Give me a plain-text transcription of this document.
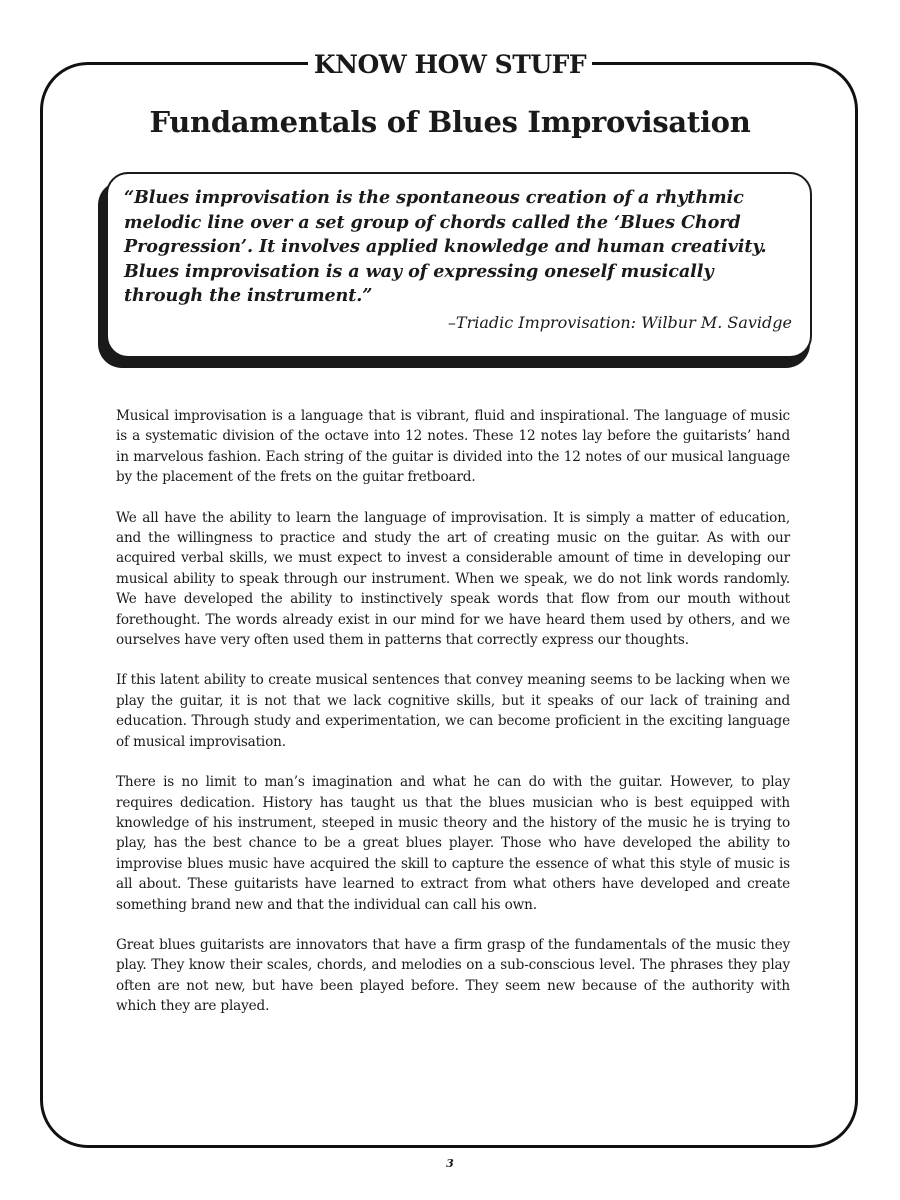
KNOW HOW STUFF
Fundamentals of Blues Improvisation

“Blues improvisation is the spontaneous creation of a rhythmic melodic line over a set group of chords called the ‘Blues Chord Progression’. It involves applied knowledge and human creativity. Blues improvisation is a way of expressing oneself musically through the instrument.”

–Triadic Improvisation: Wilbur M. Savidge

Musical improvisation is a language that is vibrant, fluid and inspirational. The language of music is a systematic division of the octave into 12 notes. These 12 notes lay before the guitarists’ hand in marvelous fashion. Each string of the guitar is divided into the 12 notes of our musical language by the placement of the frets on the guitar fretboard.

We all have the ability to learn the language of improvisation. It is simply a matter of education, and the willingness to practice and study the art of creating music on the guitar. As with our acquired verbal skills, we must expect to invest a considerable amount of time in developing our musical ability to speak through our instrument. When we speak, we do not link words randomly. We have developed the ability to instinctively speak words that flow from our mouth without forethought. The words already exist in our mind for we have heard them used by others, and we ourselves have very often used them in patterns that correctly express our thoughts.

If this latent ability to create musical sentences that convey meaning seems to be lacking when we play the guitar, it is not that we lack cognitive skills, but it speaks of our lack of training and education. Through study and experimentation, we can become proficient in the exciting language of musical improvisation.

There is no limit to man’s imagination and what he can do with the guitar. However, to play requires dedication. History has taught us that the blues musician who is best equipped with knowledge of his instrument, steeped in music theory and the history of the music he is trying to play, has the best chance to be a great blues player. Those who have developed the ability to improvise blues music have acquired the skill to capture the essence of what this style of music is all about. These guitarists have learned to extract from what others have developed and create something brand new and that the individual can call his own.

Great blues guitarists are innovators that have a firm grasp of the fundamentals of the music they play. They know their scales, chords, and melodies on a sub-conscious level. The phrases they play often are not new, but have been played before. They seem new because of the authority with which they are played.

3
